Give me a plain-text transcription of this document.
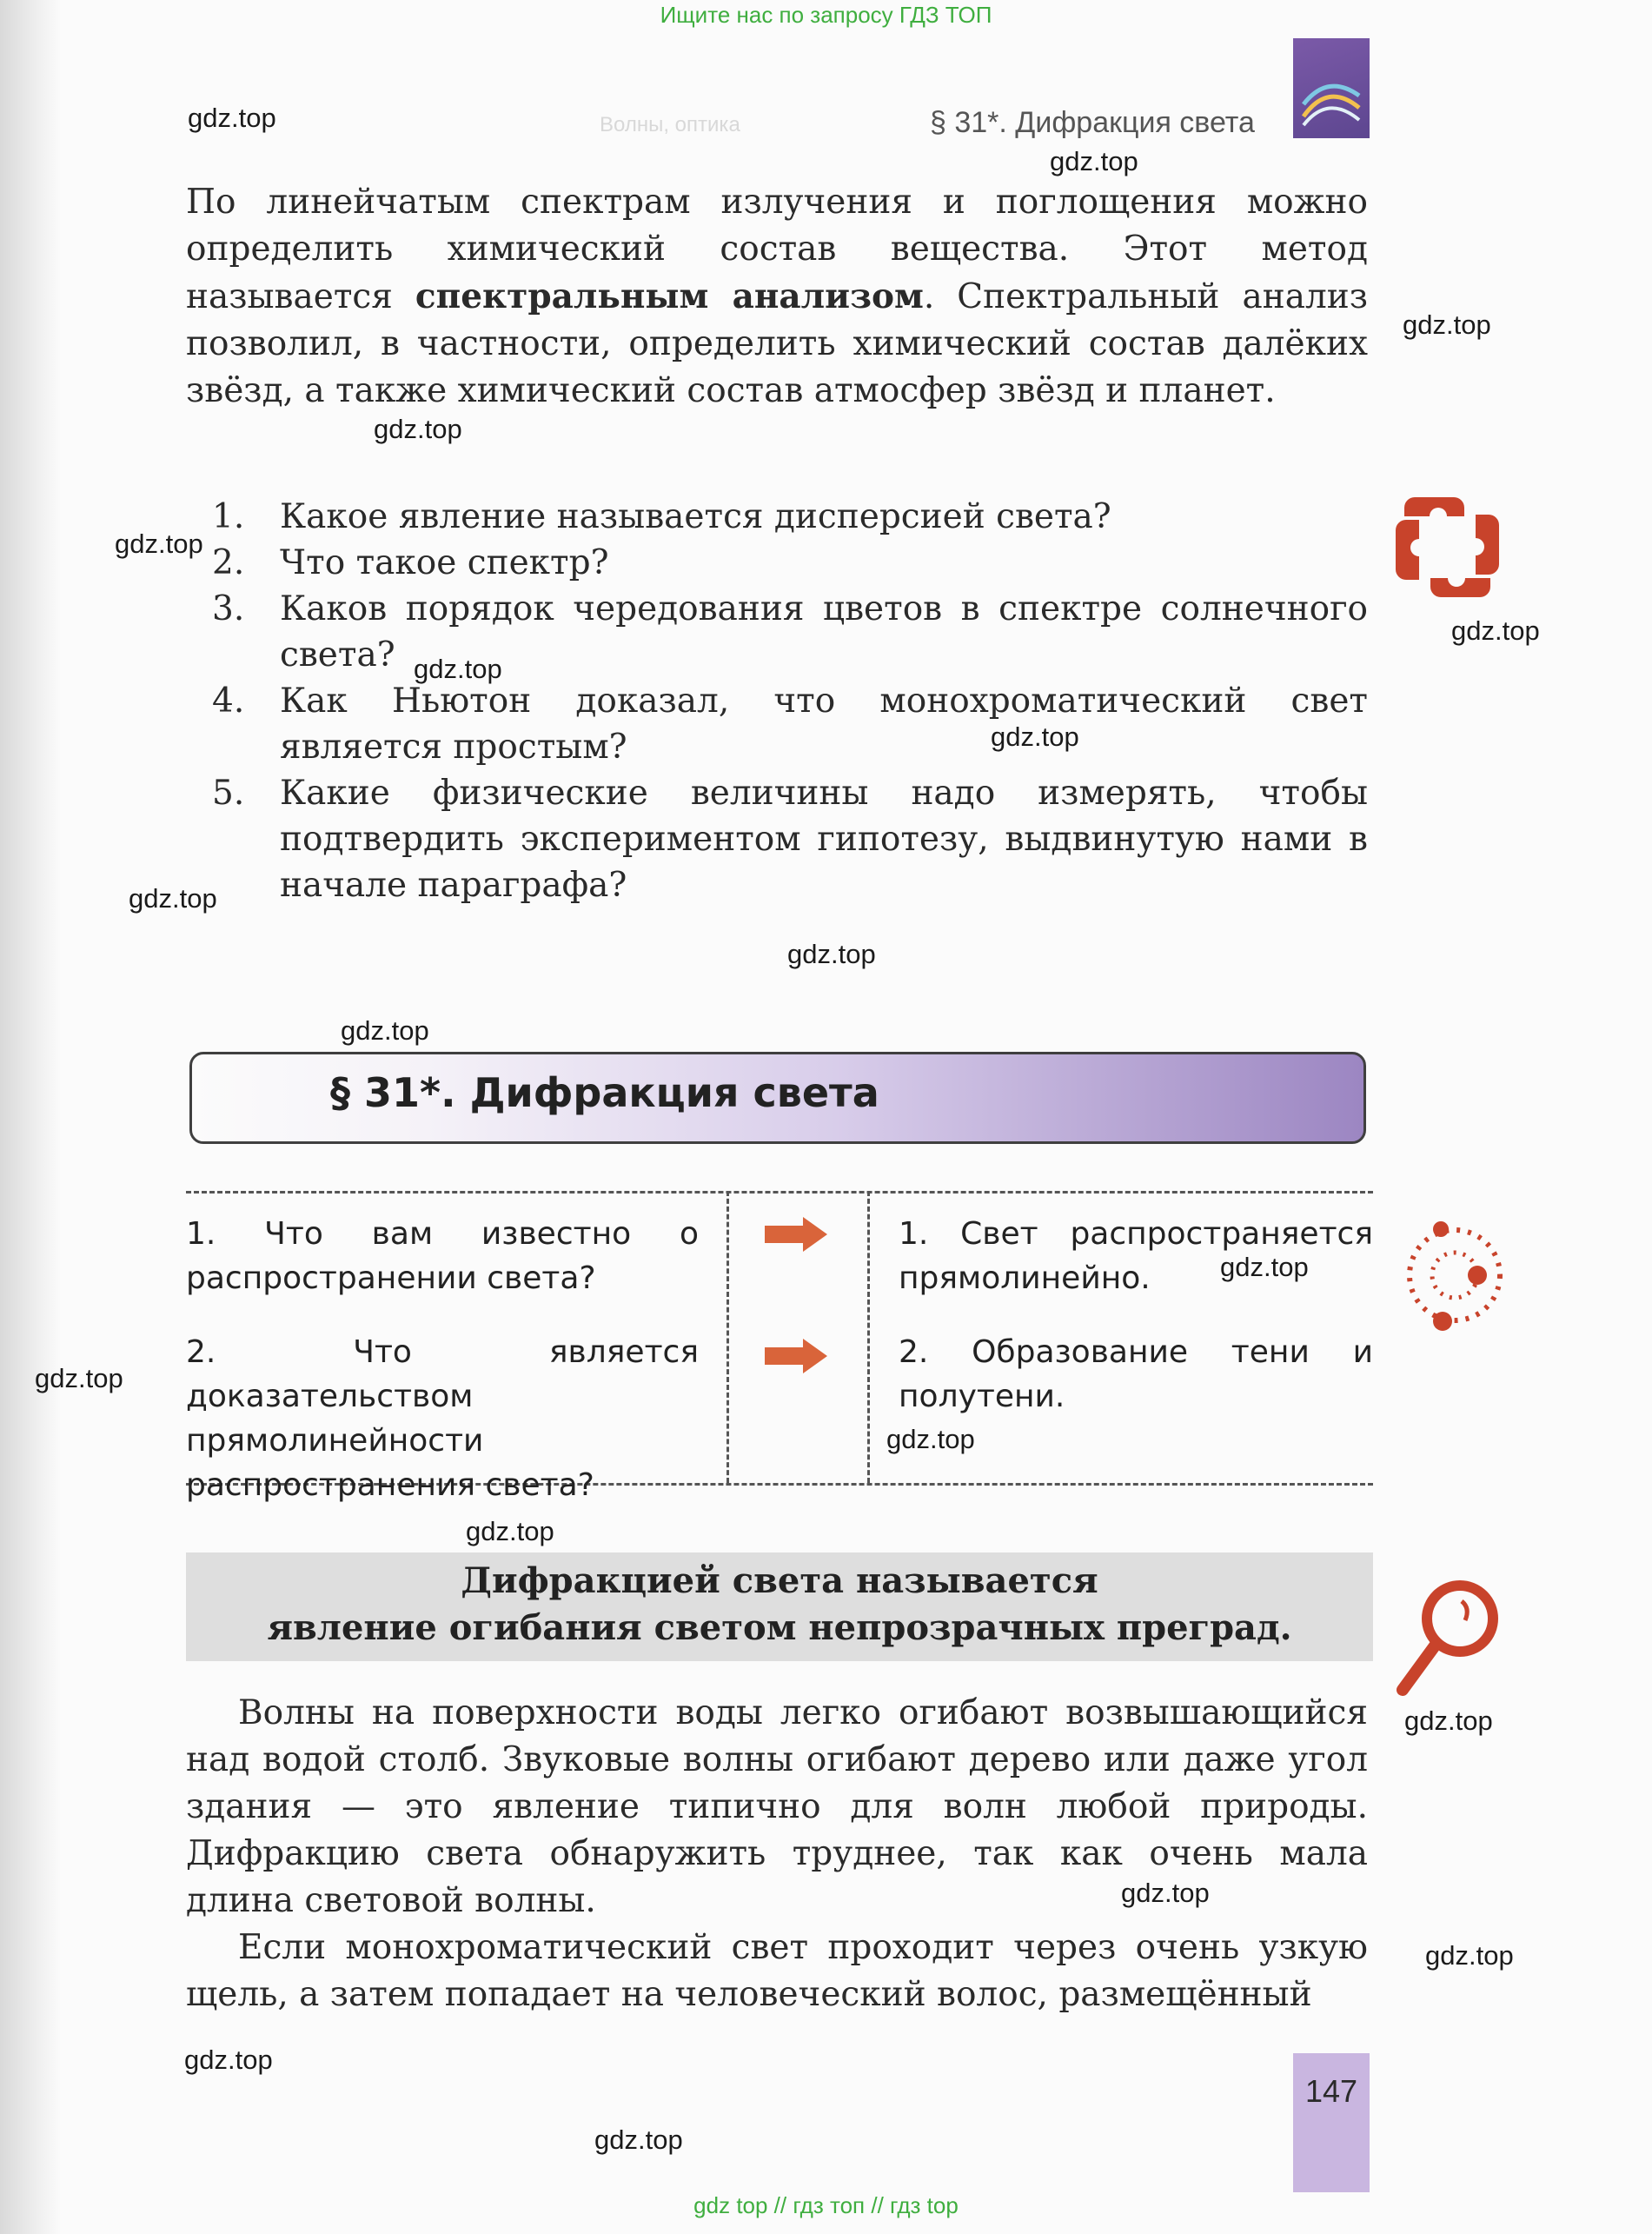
Ищите нас по запросу ГДЗ ТОП
Волны, оптика	§ 31*. Дифракция света
По линейчатым спектрам излучения и поглощения можно определить химический состав вещества. Этот метод называется спектральным анализом. Спектральный анализ позволил, в частности, определить химический состав далёких звёзд, а также химический состав атмосфер звёзд и планет.
1.	Какое явление называется дисперсией света?
2.	Что такое спектр?
3.	Каков порядок чередования цветов в спектре солнечного света?
4.	Как Ньютон доказал, что монохроматический свет является простым?
5.	Какие физические величины надо измерять, чтобы подтвердить экспериментом гипотезу, выдвинутую нами в начале параграфа?
§ 31*. Дифракция света
1. Что вам известно о распространении света?
1. Свет распространяется прямолинейно.
2. Что является доказательством прямолинейности распространения света?
2. Образование тени и полутени.
Дифракцией света называется
явление огибания светом непрозрачных преград.
Волны на поверхности воды легко огибают возвышающийся над водой столб. Звуковые волны огибают дерево или даже угол здания — это явление типично для волн любой природы. Дифракцию света обнаружить труднее, так как очень мала длина световой волны.
Если монохроматический свет проходит через очень узкую щель, а затем попадает на человеческий волос, размещённый
147
gdz.top
gdz.top
gdz.top
gdz.top
gdz.top
gdz.top
gdz.top
gdz.top
gdz.top
gdz.top
gdz.top
gdz.top
gdz.top
gdz.top
gdz.top
gdz.top
gdz.top
gdz.top
gdz.top
gdz.top
gdz top // гдз топ // гдз top
